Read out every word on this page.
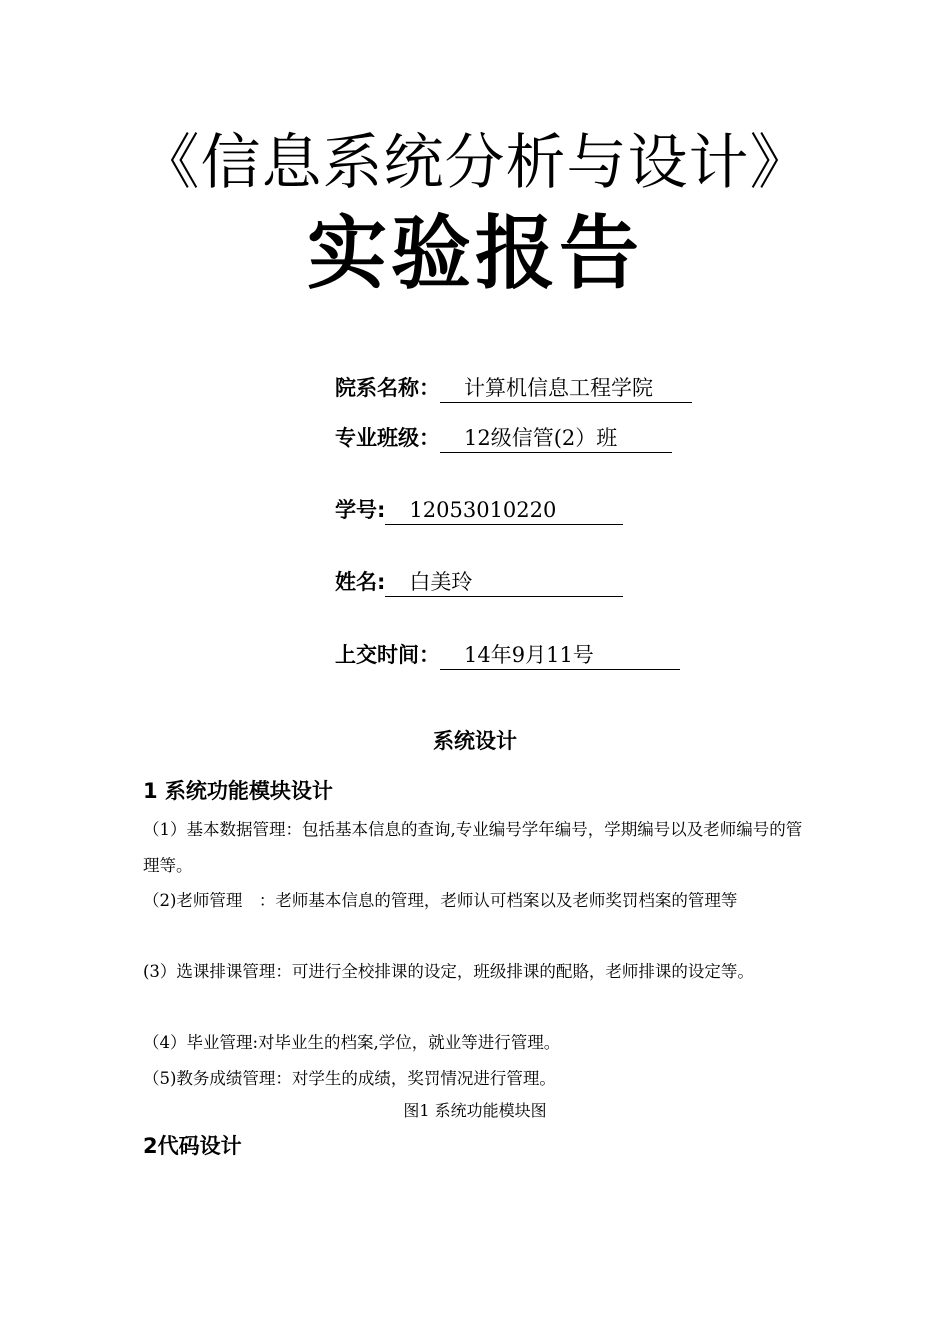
《信息系统分析与设计》
实验报告
院系名称： 计算机信息工程学院
专业班级： 12级信管(2）班
学号: 12053010220
姓名: 白美玲
上交时间： 14年9月11号
系统设计
1 系统功能模块设计
（1）基本数据管理：包括基本信息的查询,专业编号学年编号，学期编号以及老师编号的管理等。
（2)老师管理　：老师基本信息的管理，老师认可档案以及老师奖罚档案的管理等
(3）选课排课管理：可进行全校排课的设定，班级排课的配賂，老师排课的设定等。
（4）毕业管理:对毕业生的档案,学位，就业等进行管理。
（5)教务成绩管理：对学生的成绩，奖罚情况进行管理。
图1 系统功能模块图
2代码设计
